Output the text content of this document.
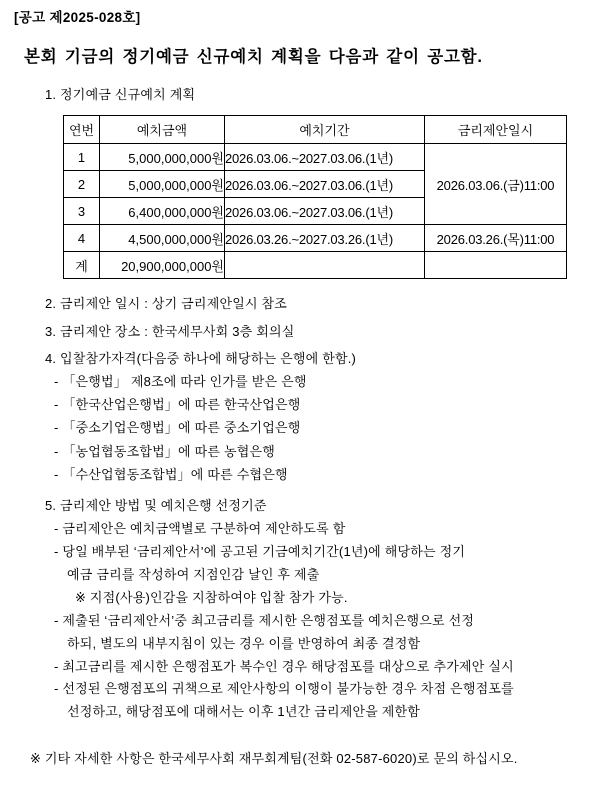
[공고 제2025-028호]
본회 기금의 정기예금 신규예치 계획을 다음과 같이 공고함.
1. 정기예금 신규예치 계획
연번	예치금액	예치기간	금리제안일시
1	5,000,000,000원	2026.03.06.~2027.03.06.(1년)	2026.03.06.(금)11:00
2	5,000,000,000원	2026.03.06.~2027.03.06.(1년)	
3	6,400,000,000원	2026.03.06.~2027.03.06.(1년)	
4	4,500,000,000원	2026.03.26.~2027.03.26.(1년)	2026.03.26.(목)11:00
계	20,900,000,000원		
2. 금리제안 일시 : 상기 금리제안일시 참조
3. 금리제안 장소 : 한국세무사회 3층 회의실
4. 입찰참가자격(다음중 하나에 해당하는 은행에 한함.)
- 「은행법」 제8조에 따라 인가를 받은 은행
- 「한국산업은행법」에 따른 한국산업은행
- 「중소기업은행법」에 따른 중소기업은행
- 「농업협동조합법」에 따른 농협은행
- 「수산업협동조합법」에 따른 수협은행
5. 금리제안 방법 및 예치은행 선정기준
- 금리제안은 예치금액별로 구분하여 제안하도록 함
- 당일 배부된 ‘금리제안서’에 공고된 기금예치기간(1년)에 해당하는 정기
예금 금리를 작성하여 지점인감 날인 후 제출
※ 지점(사용)인감을 지참하여야 입찰 참가 가능.
- 제출된 ‘금리제안서’중 최고금리를 제시한 은행점포를 예치은행으로 선정
하되, 별도의 내부지침이 있는 경우 이를 반영하여 최종 결정함
- 최고금리를 제시한 은행점포가 복수인 경우 해당점포를 대상으로 추가제안 실시
- 선정된 은행점포의 귀책으로 제안사항의 이행이 불가능한 경우 차점 은행점포를
선정하고, 해당점포에 대해서는 이후 1년간 금리제안을 제한함
※ 기타 자세한 사항은 한국세무사회 재무회계팀(전화 02-587-6020)로 문의 하십시오.
